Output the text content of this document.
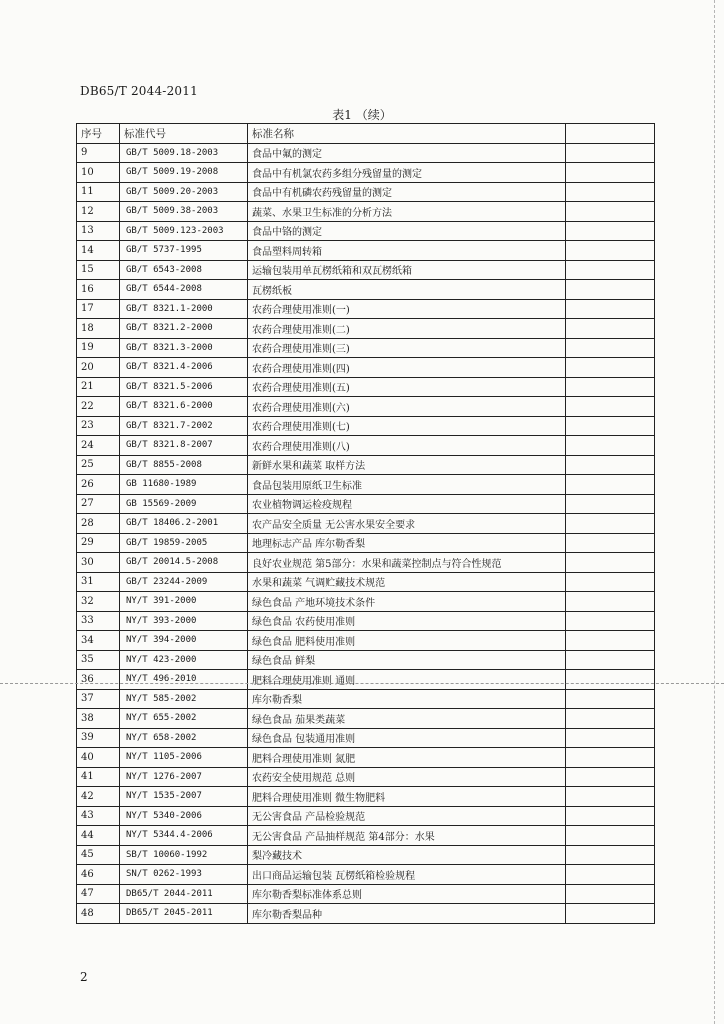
DB65/T 2044-2011
表1 （续）
序号	标准代号	标准名称	
9	GB/T 5009.18-2003	食品中氟的测定	
10	GB/T 5009.19-2008	食品中有机氯农药多组分残留量的测定	
11	GB/T 5009.20-2003	食品中有机磷农药残留量的测定	
12	GB/T 5009.38-2003	蔬菜、水果卫生标准的分析方法	
13	GB/T 5009.123-2003	食品中铬的测定	
14	GB/T 5737-1995	食品塑料周转箱	
15	GB/T 6543-2008	运输包装用单瓦楞纸箱和双瓦楞纸箱	
16	GB/T 6544-2008	瓦楞纸板	
17	GB/T 8321.1-2000	农药合理使用准则(一)	
18	GB/T 8321.2-2000	农药合理使用准则(二)	
19	GB/T 8321.3-2000	农药合理使用准则(三)	
20	GB/T 8321.4-2006	农药合理使用准则(四)	
21	GB/T 8321.5-2006	农药合理使用准则(五)	
22	GB/T 8321.6-2000	农药合理使用准则(六)	
23	GB/T 8321.7-2002	农药合理使用准则(七)	
24	GB/T 8321.8-2007	农药合理使用准则(八)	
25	GB/T 8855-2008	新鲜水果和蔬菜 取样方法	
26	GB 11680-1989	食品包装用原纸卫生标准	
27	GB 15569-2009	农业植物调运检疫规程	
28	GB/T 18406.2-2001	农产品安全质量 无公害水果安全要求	
29	GB/T 19859-2005	地理标志产品 库尔勒香梨	
30	GB/T 20014.5-2008	良好农业规范 第5部分：水果和蔬菜控制点与符合性规范	
31	GB/T 23244-2009	水果和蔬菜 气调贮藏技术规范	
32	NY/T 391-2000	绿色食品 产地环境技术条件	
33	NY/T 393-2000	绿色食品 农药使用准则	
34	NY/T 394-2000	绿色食品 肥料使用准则	
35	NY/T 423-2000	绿色食品 鲜梨	
36	NY/T 496-2010	肥料合理使用准则 通则	
37	NY/T 585-2002	库尔勒香梨	
38	NY/T 655-2002	绿色食品 茄果类蔬菜	
39	NY/T 658-2002	绿色食品 包装通用准则	
40	NY/T 1105-2006	肥料合理使用准则 氮肥	
41	NY/T 1276-2007	农药安全使用规范 总则	
42	NY/T 1535-2007	肥料合理使用准则 微生物肥料	
43	NY/T 5340-2006	无公害食品 产品检验规范	
44	NY/T 5344.4-2006	无公害食品 产品抽样规范 第4部分：水果	
45	SB/T 10060-1992	梨冷藏技术	
46	SN/T 0262-1993	出口商品运输包装 瓦楞纸箱检验规程	
47	DB65/T 2044-2011	库尔勒香梨标准体系总则	
48	DB65/T 2045-2011	库尔勒香梨品种	
2
